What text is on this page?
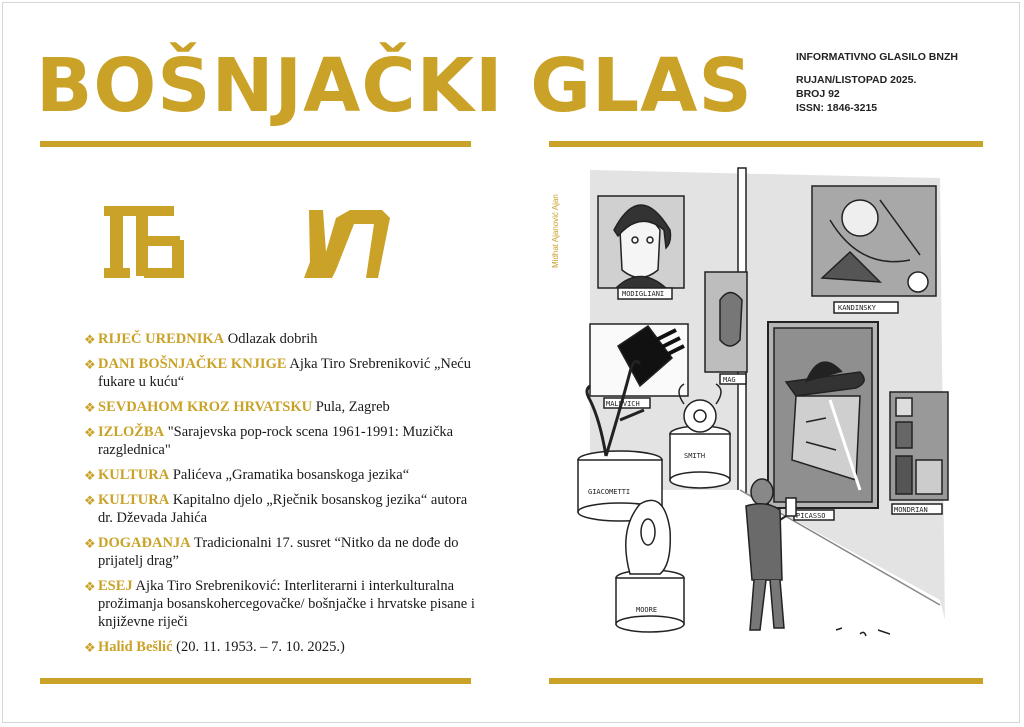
BOŠNJAČKI GLAS	INFORMATIVNO GLASILO BNZH
RUJAN/LISTOPAD 2025.
BROJ 92
ISSN: 1846-3215
❖ RIJEČ UREDNIKA Odlazak dobrih
❖ DANI BOŠNJAČKE KNJIGE Ajka Tiro Srebreniković „Neću fukare u kuću“
❖ SEVDAHOM KROZ HRVATSKU Pula, Zagreb
❖ IZLOŽBA "Sarajevska pop-rock scena 1961-1991: Muzička razglednica"
❖ KULTURA Palićeva „Gramatika bosanskoga jezika“
❖ KULTURA Kapitalno djelo „Rječnik bosanskog jezika“ autora dr. Dževada Jahića
❖ DOGAĐANJA Tradicionalni 17. susret “Nitko da ne dođe do prijatelj drag”
❖ ESEJ Ajka Tiro Srebreniković: Interliterarni i interkulturalna prožimanja bosanskohercegovačke/ bošnjačke i hrvatske pisane i književne riječi
❖ Halid Bešlić (20. 11. 1953. – 7. 10. 2025.)
Midhat Ajanović Ajan
MODIGLIANI
KANDINSKY
MAG
MALEVICH
PICASSO
MONDRIAN
GIACOMETTI
SMITH
MOORE
